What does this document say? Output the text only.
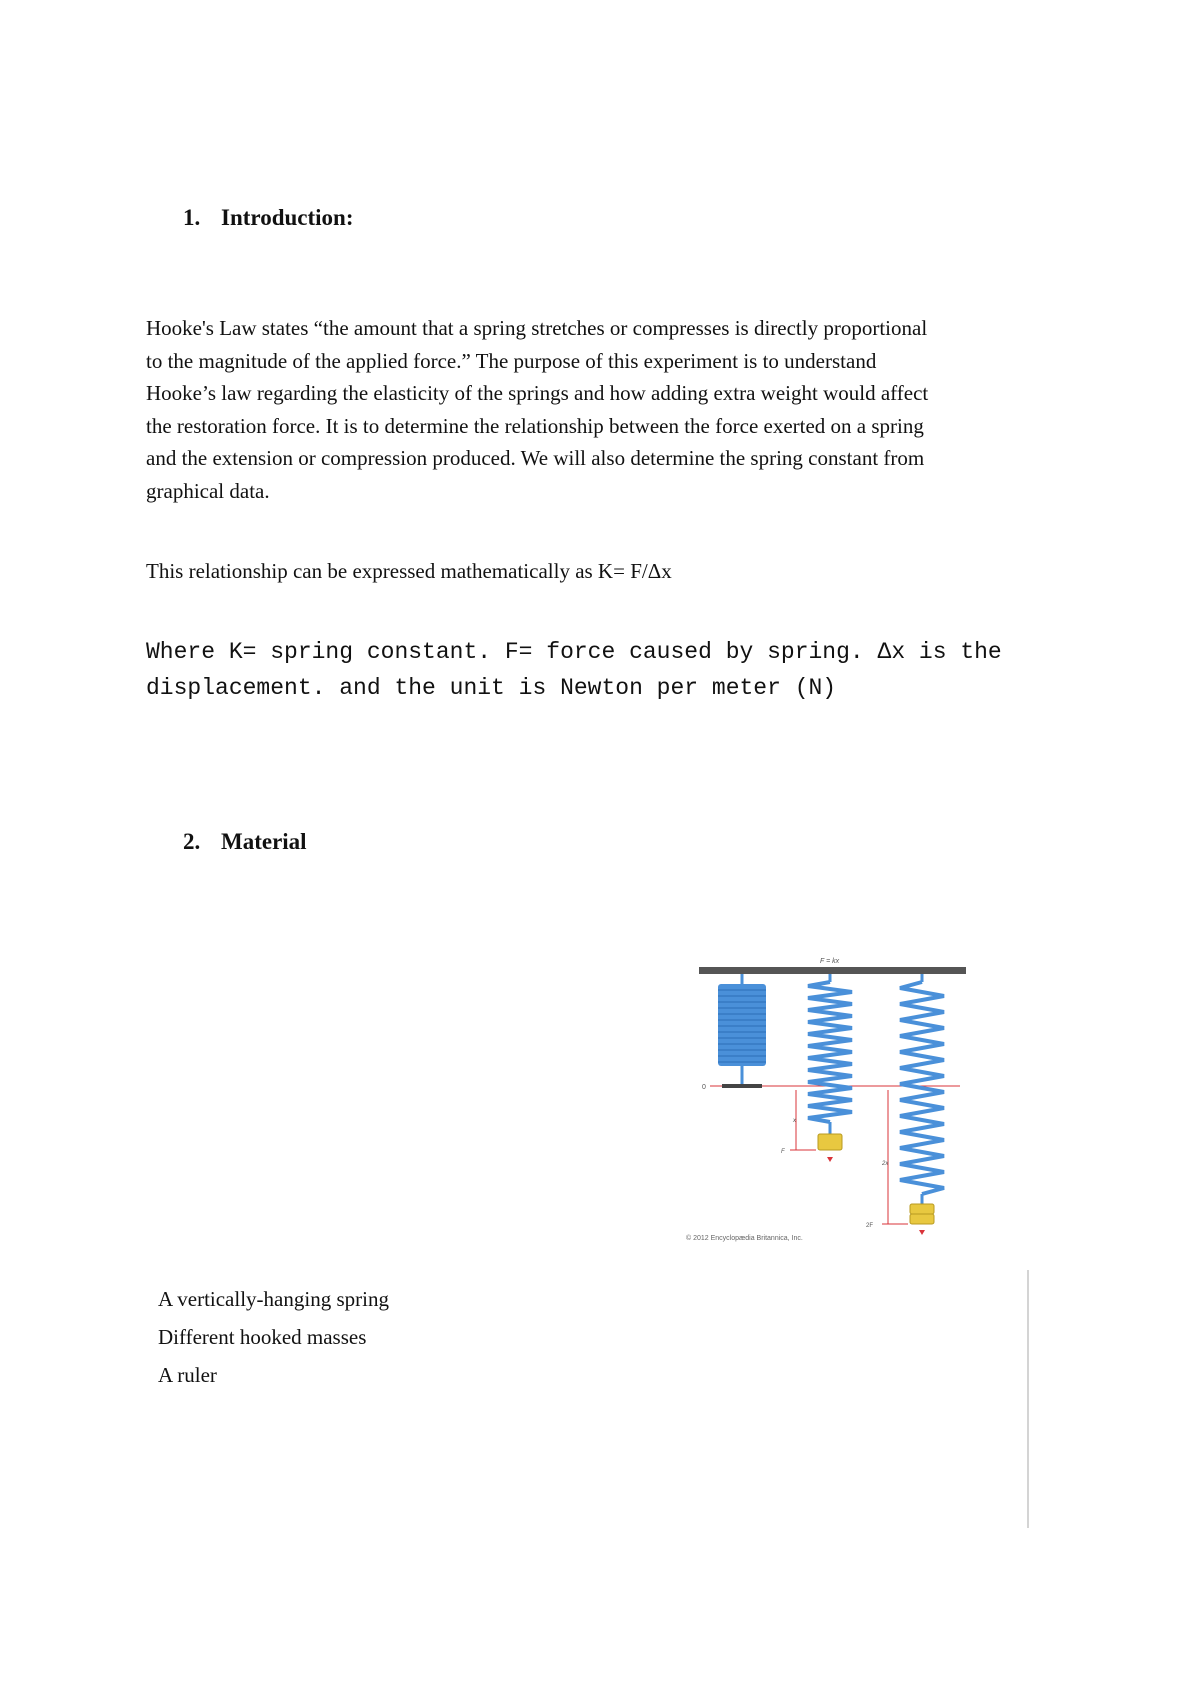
1. Introduction:
Hooke's Law states “the amount that a spring stretches or compresses is directly proportional
to the magnitude of the applied force.” The purpose of this experiment is to understand
Hooke’s law regarding the elasticity of the springs and how adding extra weight would affect
the restoration force. It is to determine the relationship between the force exerted on a spring
and the extension or compression produced. We will also determine the spring constant from
graphical data.
This relationship can be expressed mathematically as K= F/Δx
Where K= spring constant. F= force caused by spring. Δx is the
displacement. and the unit is Newton per meter (N)
2. Material
F = kx
0
x
F
2x
2F
© 2012 Encyclopædia Britannica, Inc.
A vertically-hanging spring
Different hooked masses
A ruler
